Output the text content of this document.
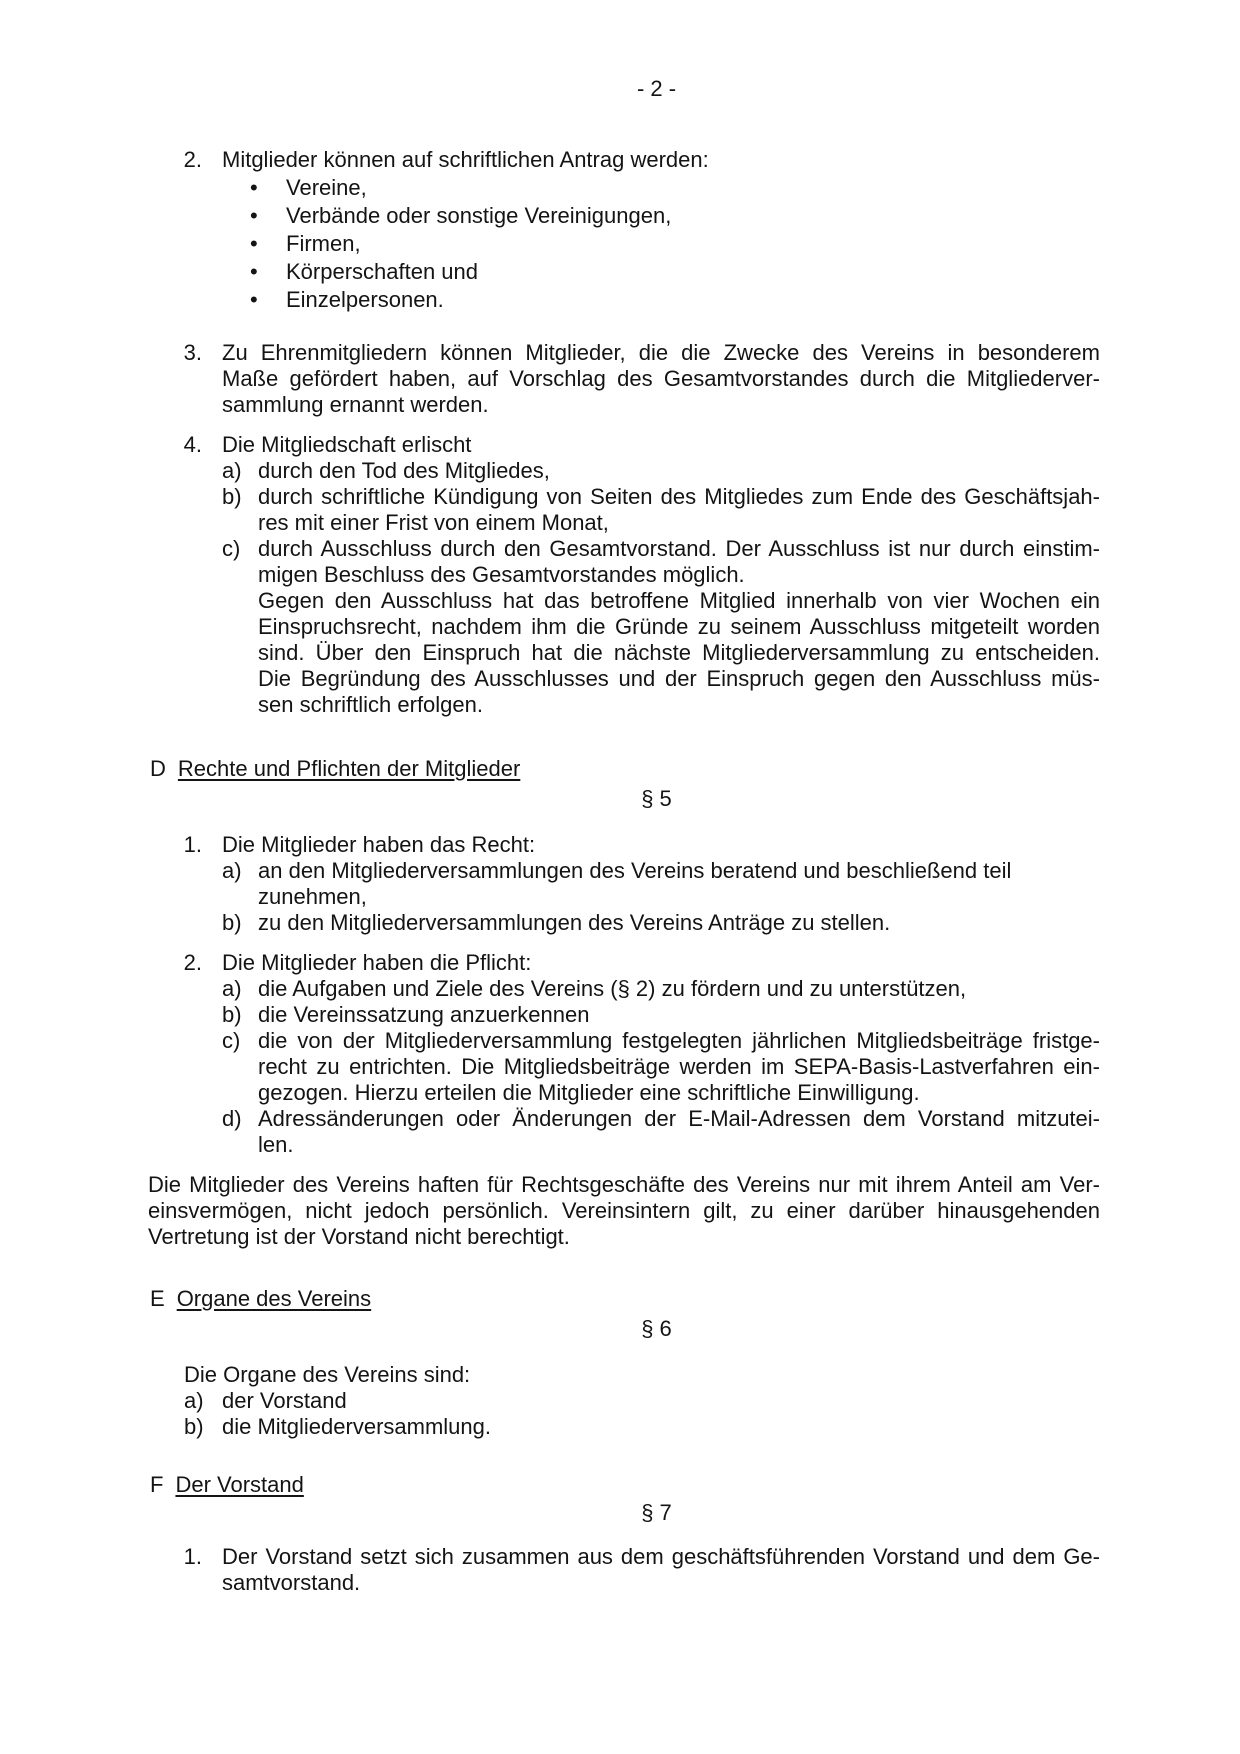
- 2 -
2. Mitglieder können auf schriftlichen Antrag werden:
• Vereine,
• Verbände oder sonstige Vereinigungen,
• Firmen,
• Körperschaften und
• Einzelpersonen.
3. Zu Ehrenmitgliedern können Mitglieder, die die Zwecke des Vereins in besonderem
Maße gefördert haben, auf Vorschlag des Gesamtvorstandes durch die Mitgliederver-
sammlung ernannt werden.
4. Die Mitgliedschaft erlischt
a) durch den Tod des Mitgliedes,
b) durch schriftliche Kündigung von Seiten des Mitgliedes zum Ende des Geschäftsjah-
res mit einer Frist von einem Monat,
c) durch Ausschluss durch den Gesamtvorstand. Der Ausschluss ist nur durch einstim-
migen Beschluss des Gesamtvorstandes möglich.
Gegen den Ausschluss hat das betroffene Mitglied innerhalb von vier Wochen ein
Einspruchsrecht, nachdem ihm die Gründe zu seinem Ausschluss mitgeteilt worden
sind. Über den Einspruch hat die nächste Mitgliederversammlung zu entscheiden.
Die Begründung des Ausschlusses und der Einspruch gegen den Ausschluss müs-
sen schriftlich erfolgen.
D Rechte und Pflichten der Mitglieder
§ 5
1. Die Mitglieder haben das Recht:
a) an den Mitgliederversammlungen des Vereins beratend und beschließend teil
zunehmen,
b) zu den Mitgliederversammlungen des Vereins Anträge zu stellen.
2. Die Mitglieder haben die Pflicht:
a) die Aufgaben und Ziele des Vereins (§ 2) zu fördern und zu unterstützen,
b) die Vereinssatzung anzuerkennen
c) die von der Mitgliederversammlung festgelegten jährlichen Mitgliedsbeiträge fristge-
recht zu entrichten. Die Mitgliedsbeiträge werden im SEPA-Basis-Lastverfahren ein-
gezogen. Hierzu erteilen die Mitglieder eine schriftliche Einwilligung.
d) Adressänderungen oder Änderungen der E-Mail-Adressen dem Vorstand mitzutei-
len.
Die Mitglieder des Vereins haften für Rechtsgeschäfte des Vereins nur mit ihrem Anteil am Ver-
einsvermögen, nicht jedoch persönlich. Vereinsintern gilt, zu einer darüber hinausgehenden
Vertretung ist der Vorstand nicht berechtigt.
E Organe des Vereins
§ 6
Die Organe des Vereins sind:
a) der Vorstand
b) die Mitgliederversammlung.
F Der Vorstand
§ 7
1. Der Vorstand setzt sich zusammen aus dem geschäftsführenden Vorstand und dem Ge-
samtvorstand.
